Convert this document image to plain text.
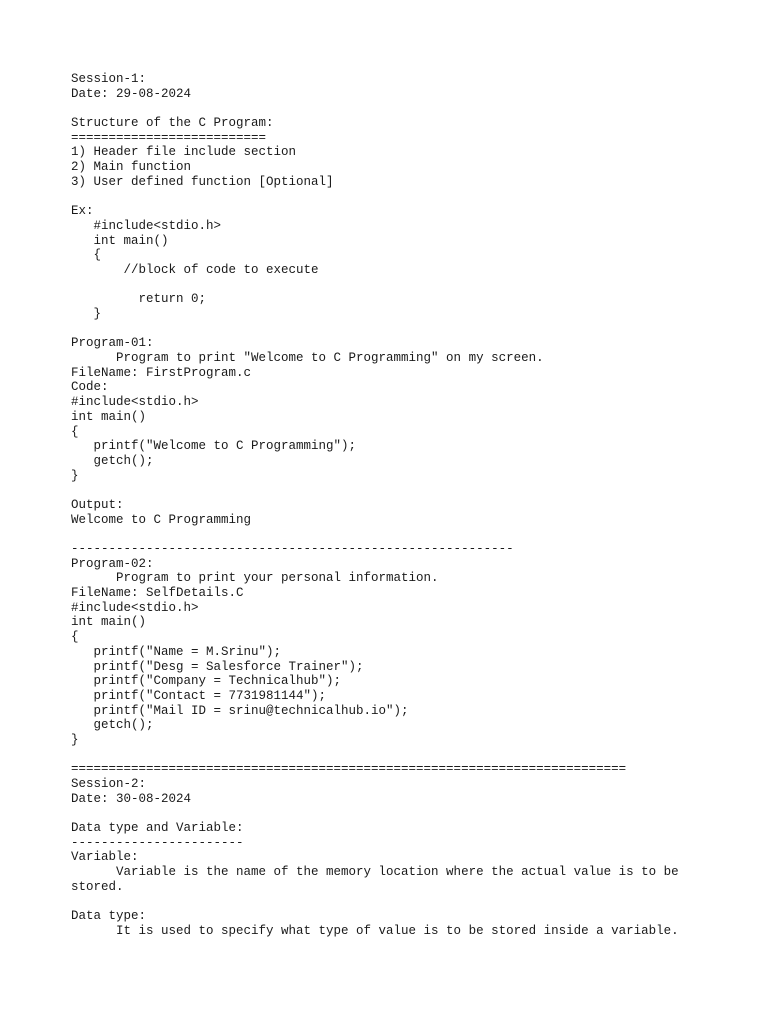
Session-1:
Date: 29-08-2024
Structure of the C Program:
==========================
1) Header file include section
2) Main function
3) User defined function [Optional]
Ex:
#include<stdio.h>
int main()
{
//block of code to execute
return 0;
}
Program-01:
Program to print "Welcome to C Programming" on my screen.
FileName: FirstProgram.c
Code:
#include<stdio.h>
int main()
{
printf("Welcome to C Programming");
getch();
}
Output:
Welcome to C Programming
-----------------------------------------------------------
Program-02:
Program to print your personal information.
FileName: SelfDetails.C
#include<stdio.h>
int main()
{
printf("Name = M.Srinu");
printf("Desg = Salesforce Trainer");
printf("Company = Technicalhub");
printf("Contact = 7731981144");
printf("Mail ID = srinu@technicalhub.io");
getch();
}
==========================================================================
Session-2:
Date: 30-08-2024
Data type and Variable:
-----------------------
Variable:
Variable is the name of the memory location where the actual value is to be
stored.
Data type:
It is used to specify what type of value is to be stored inside a variable.
